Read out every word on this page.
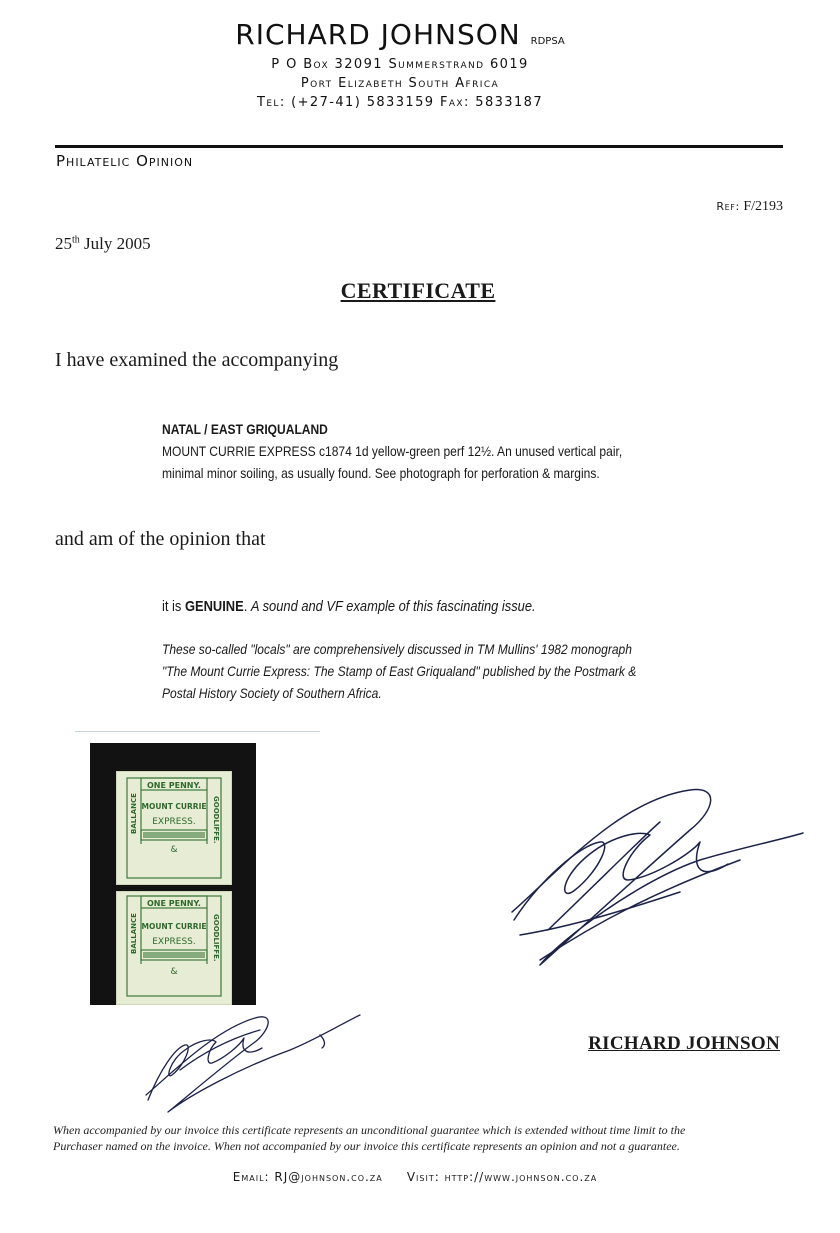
RICHARD JOHNSON RDPSA
P O Box 32091 Summerstrand 6019
Port Elizabeth South Africa
Tel: (+27-41) 5833159 Fax: 5833187
Philatelic Opinion
Ref: F/2193
25th July 2005
CERTIFICATE
I have examined the accompanying
NATAL / EAST GRIQUALAND
MOUNT CURRIE EXPRESS c1874 1d yellow-green perf 12½. An unused vertical pair,
minimal minor soiling, as usually found. See photograph for perforation & margins.
and am of the opinion that
it is GENUINE. A sound and VF example of this fascinating issue.
These so-called "locals" are comprehensively discussed in TM Mullins' 1982 monograph
"The Mount Currie Express: The Stamp of East Griqualand" published by the Postmark &
Postal History Society of Southern Africa.
ONE PENNY.
MOUNT CURRIE
EXPRESS.
BALLANCE	GOODLIFFE.
&
ONE PENNY.
MOUNT CURRIE
EXPRESS.
BALLANCE	GOODLIFFE.
&
RICHARD JOHNSON
When accompanied by our invoice this certificate represents an unconditional guarantee which is extended without time limit to the
Purchaser named on the invoice. When not accompanied by our invoice this certificate represents an opinion and not a guarantee.
Email: RJ@johnson.co.za Visit: http://www.johnson.co.za
